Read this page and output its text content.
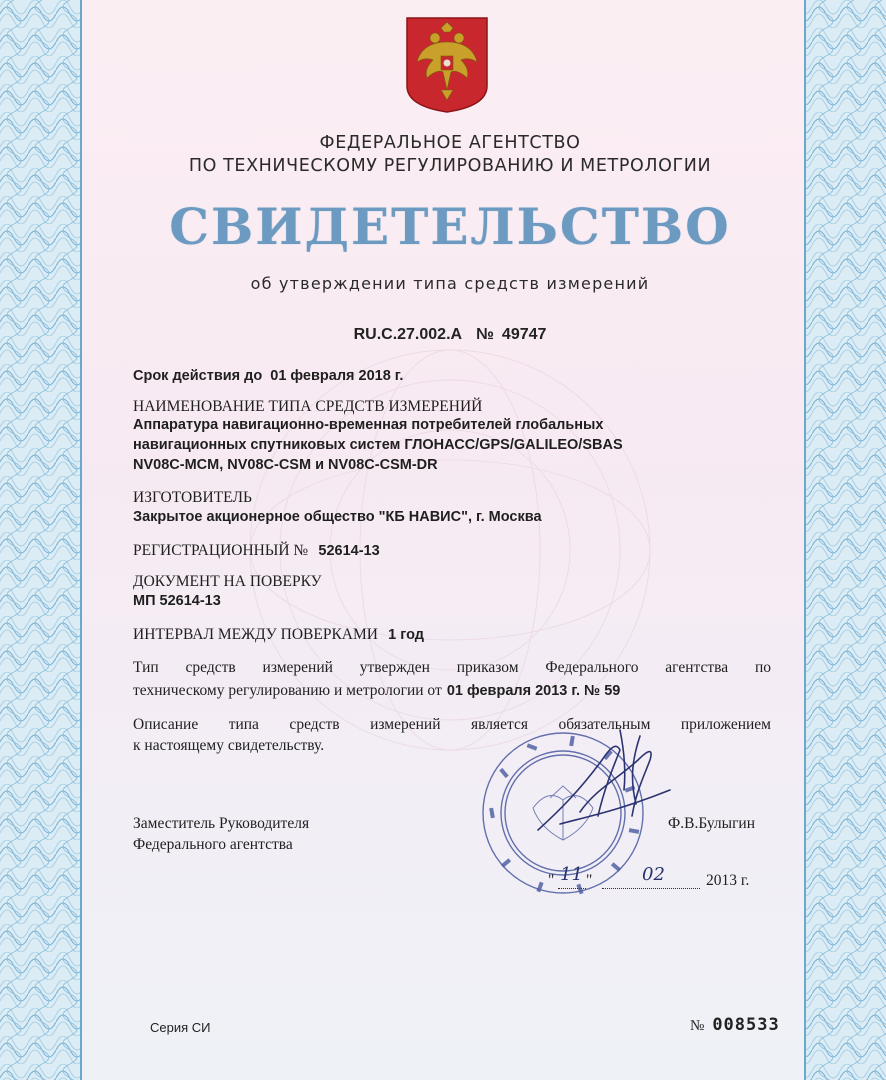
ФЕДЕРАЛЬНОЕ АГЕНТСТВО
ПО ТЕХНИЧЕСКОМУ РЕГУЛИРОВАНИЮ И МЕТРОЛОГИИ
СВИДЕТЕЛЬСТВО
об утверждении типа средств измерений
RU.C.27.002.A № 49747
Срок действия до 01 февраля 2018 г.
НАИМЕНОВАНИЕ ТИПА СРЕДСТВ ИЗМЕРЕНИЙ
Аппаратура навигационно-временная потребителей глобальных
навигационных спутниковых систем ГЛОНАСС/GPS/GALILEO/SBAS
NV08C-MCM, NV08C-CSM и NV08C-CSM-DR
ИЗГОТОВИТЕЛЬ
Закрытое акционерное общество "КБ НАВИС", г. Москва
РЕГИСТРАЦИОННЫЙ № 52614-13
ДОКУМЕНТ НА ПОВЕРКУ
МП 52614-13
ИНТЕРВАЛ МЕЖДУ ПОВЕРКАМИ 1 год
Тип средств измерений утвержден приказом Федерального агентства по
техническому регулированию и метрологии от 01 февраля 2013 г. № 59
Описание типа средств измерений является обязательным приложением
к настоящему свидетельству.
Заместитель Руководителя
Федерального агентства
Ф.В.Булыгин
" 11 "	02	2013 г.
Серия СИ	№ 008533
